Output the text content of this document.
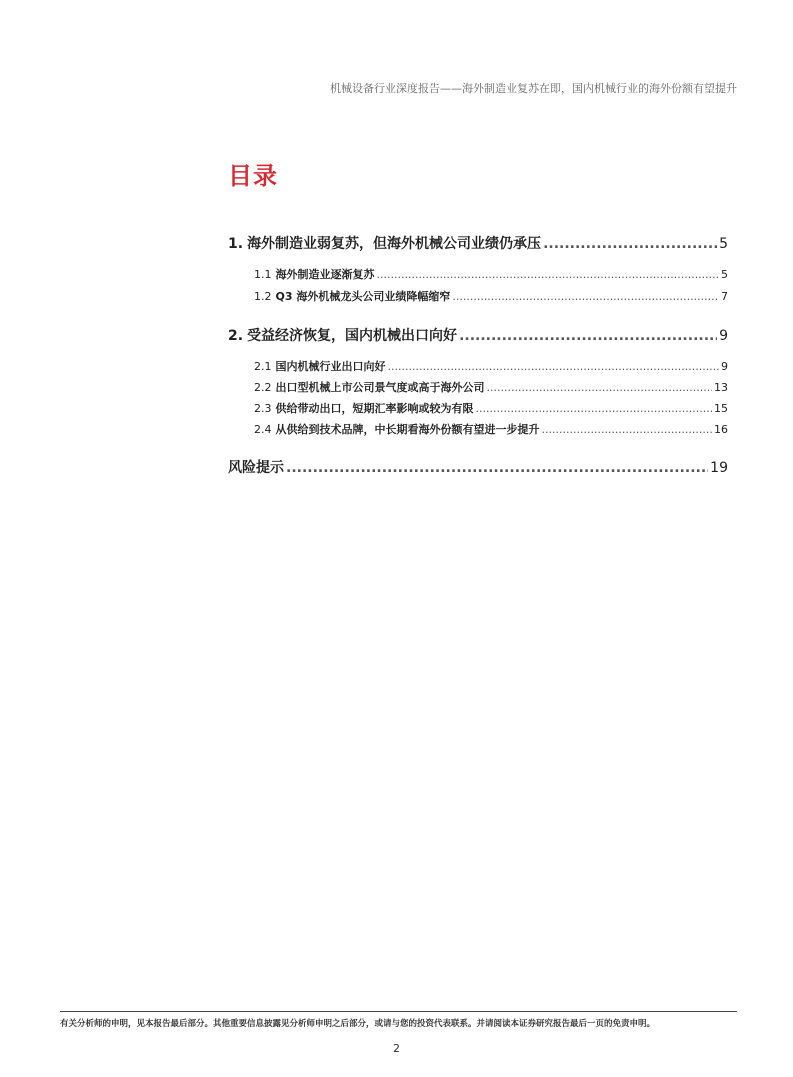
机械设备行业深度报告——海外制造业复苏在即，国内机械行业的海外份额有望提升
目录
1. 海外制造业弱复苏，但海外机械公司业绩仍承压 .....	5
1.1 海外制造业逐渐复苏 .....	5
1.2 Q3 海外机械龙头公司业绩降幅缩窄 .....	7
2. 受益经济恢复，国内机械出口向好 .....	9
2.1 国内机械行业出口向好 .....	9
2.2 出口型机械上市公司景气度或高于海外公司 .....	13
2.3 供给带动出口，短期汇率影响或较为有限 .....	15
2.4 从供给到技术品牌，中长期看海外份额有望进一步提升 .....	16
风险提示 .....	19
有关分析师的申明，见本报告最后部分。其他重要信息披露见分析师申明之后部分，或请与您的投资代表联系。并请阅读本证券研究报告最后一页的免责申明。
2
